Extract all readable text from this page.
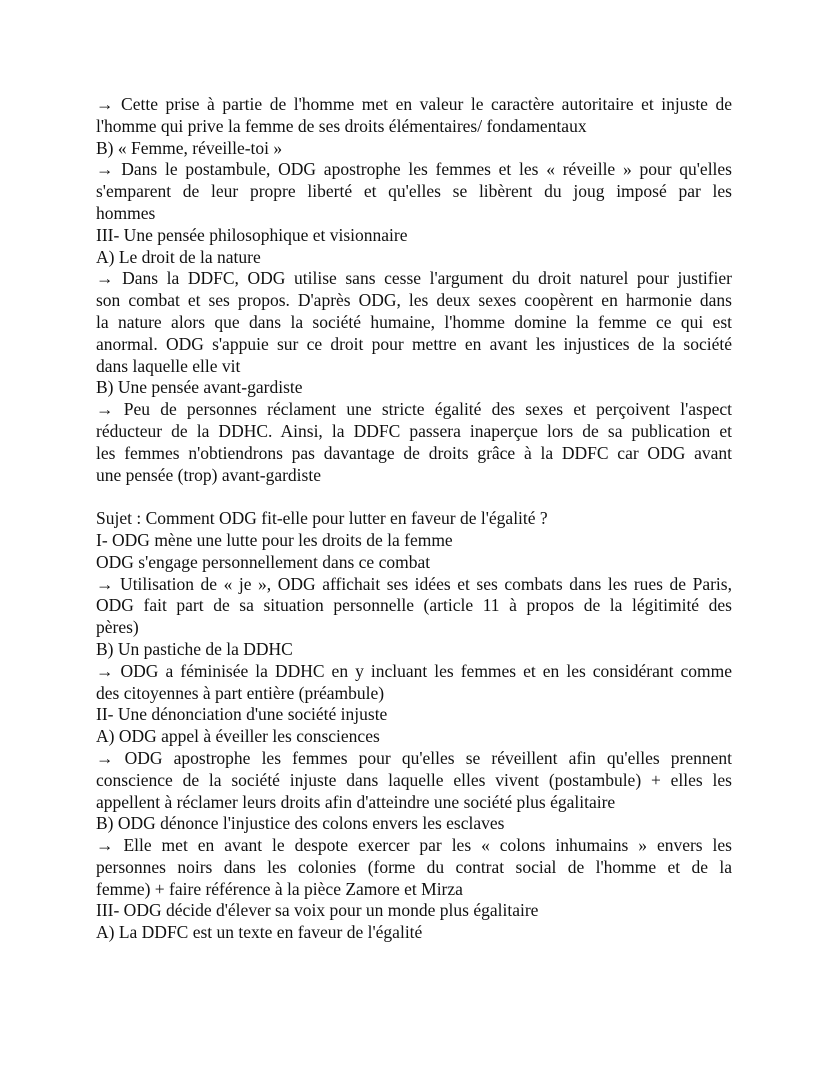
→ Cette prise à partie de l'homme met en valeur le caractère autoritaire et injuste de
l'homme qui prive la femme de ses droits élémentaires/ fondamentaux
B) « Femme, réveille-toi »
→ Dans le postambule, ODG apostrophe les femmes et les « réveille » pour qu'elles
s'emparent de leur propre liberté et qu'elles se libèrent du joug imposé par les
hommes
III- Une pensée philosophique et visionnaire
A) Le droit de la nature
→ Dans la DDFC, ODG utilise sans cesse l'argument du droit naturel pour justifier
son combat et ses propos. D'après ODG, les deux sexes coopèrent en harmonie dans
la nature alors que dans la société humaine, l'homme domine la femme ce qui est
anormal. ODG s'appuie sur ce droit pour mettre en avant les injustices de la société
dans laquelle elle vit
B) Une pensée avant-gardiste
→ Peu de personnes réclament une stricte égalité des sexes et perçoivent l'aspect
réducteur de la DDHC. Ainsi, la DDFC passera inaperçue lors de sa publication et
les femmes n'obtiendrons pas davantage de droits grâce à la DDFC car ODG avant
une pensée (trop) avant-gardiste
Sujet : Comment ODG fit-elle pour lutter en faveur de l'égalité ?
I- ODG mène une lutte pour les droits de la femme
ODG s'engage personnellement dans ce combat
→ Utilisation de « je », ODG affichait ses idées et ses combats dans les rues de Paris,
ODG fait part de sa situation personnelle (article 11 à propos de la légitimité des
pères)
B) Un pastiche de la DDHC
→ ODG a féminisée la DDHC en y incluant les femmes et en les considérant comme
des citoyennes à part entière (préambule)
II- Une dénonciation d'une société injuste
A) ODG appel à éveiller les consciences
→ ODG apostrophe les femmes pour qu'elles se réveillent afin qu'elles prennent
conscience de la société injuste dans laquelle elles vivent (postambule) + elles les
appellent à réclamer leurs droits afin d'atteindre une société plus égalitaire
B) ODG dénonce l'injustice des colons envers les esclaves
→ Elle met en avant le despote exercer par les « colons inhumains » envers les
personnes noirs dans les colonies (forme du contrat social de l'homme et de la
femme) + faire référence à la pièce Zamore et Mirza
III- ODG décide d'élever sa voix pour un monde plus égalitaire
A) La DDFC est un texte en faveur de l'égalité
